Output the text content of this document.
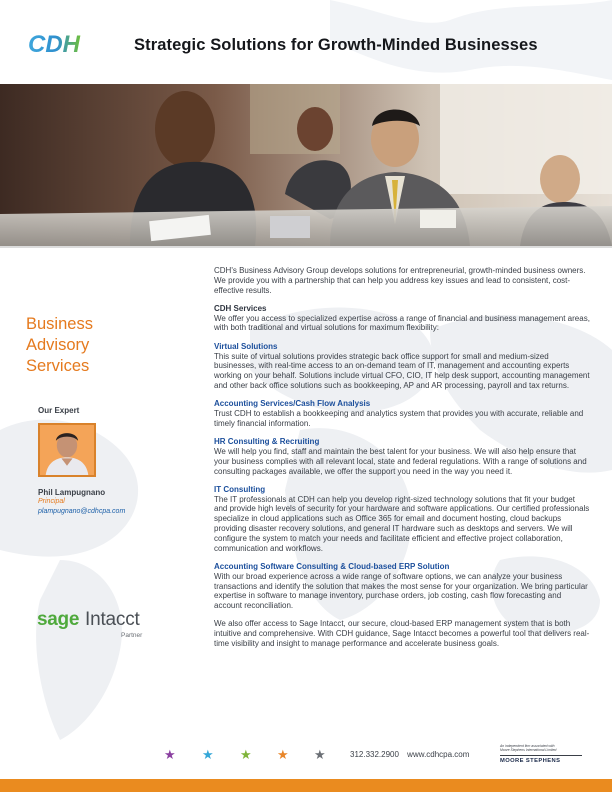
CDH	Strategic Solutions for Growth-Minded Businesses
Business
Advisory
Services
Our Expert
Phil Lampugnano
Principal
plampugnano@cdhcpa.com
sage Intacct
Partner

CDH's Business Advisory Group develops solutions for entrepreneurial, growth-minded business owners. We provide you with a partnership that can help you address key issues and lead to consistent, cost-effective results.

CDH Services

We offer you access to specialized expertise across a range of financial and business management areas, with both traditional and virtual solutions for maximum flexibility:

Virtual Solutions

This suite of virtual solutions provides strategic back office support for small and medium-sized businesses, with real-time access to an on-demand team of IT, management and accounting experts working on your behalf. Solutions include virtual CFO, CIO, IT help desk support, accounting management and other back office solutions such as bookkeeping, AP and AR processing, payroll and tax returns.

Accounting Services/Cash Flow Analysis

Trust CDH to establish a bookkeeping and analytics system that provides you with accurate, reliable and timely financial information.

HR Consulting & Recruiting

We will help you find, staff and maintain the best talent for your business. We will also help ensure that your business complies with all relevant local, state and federal regulations. With a range of solutions and consulting packages available, we offer the support you need in the way you need it.

IT Consulting

The IT professionals at CDH can help you develop right-sized technology solutions that fit your budget and provide high levels of security for your hardware and software applications. Our certified professionals specialize in cloud applications such as Office 365 for email and document hosting, cloud backups providing disaster recovery solutions, and general IT hardware such as desktops and servers. We will configure the system to match your needs and facilitate efficient and effective project collaboration, communication and workflows.

Accounting Software Consulting & Cloud-based ERP Solution

With our broad experience across a wide range of software options, we can analyze your business transactions and identify the solution that makes the most sense for your organization. We bring particular expertise in software to manage inventory, purchase orders, job costing, cash flow forecasting and account reconciliation.

We also offer access to Sage Intacct, our secure, cloud-based ERP management system that is both intuitive and comprehensive. With CDH guidance, Sage Intacct becomes a powerful tool that delivers real-time visibility and insight to manage performance and accelerate business goals.

★ ★ ★ ★ ★	312.332.2900 www.cdhcpa.com
An independent firm associated with
Moore Stephens International Limited
MOORE STEPHENS
